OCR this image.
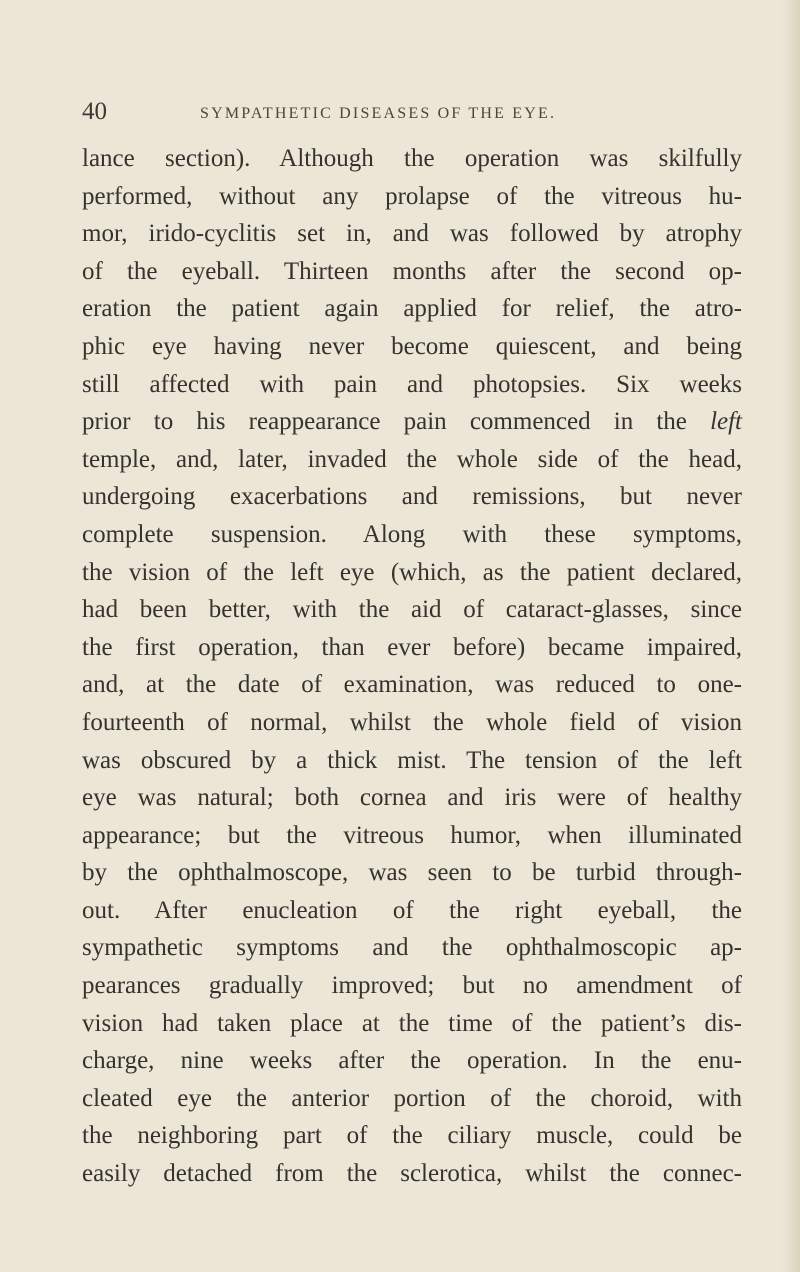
40	SYMPATHETIC DISEASES OF THE EYE.
lance section). Although the operation was skilfully
performed, without any prolapse of the vitreous hu-
mor, irido-cyclitis set in, and was followed by atrophy
of the eyeball. Thirteen months after the second op-
eration the patient again applied for relief, the atro-
phic eye having never become quiescent, and being
still affected with pain and photopsies. Six weeks
prior to his reappearance pain commenced in the left
temple, and, later, invaded the whole side of the head,
undergoing exacerbations and remissions, but never
complete suspension. Along with these symptoms,
the vision of the left eye (which, as the patient declared,
had been better, with the aid of cataract-glasses, since
the first operation, than ever before) became impaired,
and, at the date of examination, was reduced to one-
fourteenth of normal, whilst the whole field of vision
was obscured by a thick mist. The tension of the left
eye was natural; both cornea and iris were of healthy
appearance; but the vitreous humor, when illuminated
by the ophthalmoscope, was seen to be turbid through-
out. After enucleation of the right eyeball, the
sympathetic symptoms and the ophthalmoscopic ap-
pearances gradually improved; but no amendment of
vision had taken place at the time of the patient’s dis-
charge, nine weeks after the operation. In the enu-
cleated eye the anterior portion of the choroid, with
the neighboring part of the ciliary muscle, could be
easily detached from the sclerotica, whilst the connec-
